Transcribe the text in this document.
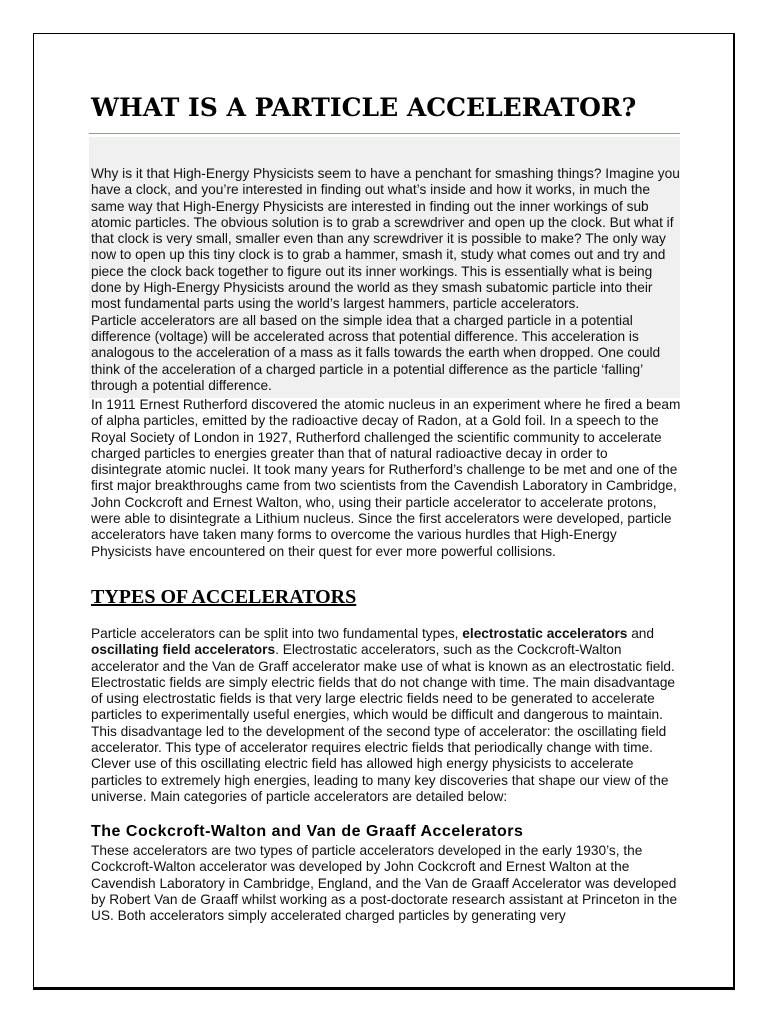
WHAT IS A PARTICLE ACCELERATOR?

Why is it that High-Energy Physicists seem to have a penchant for smashing things? Imagine you have a clock, and you’re interested in finding out what’s inside and how it works, in much the same way that High-Energy Physicists are interested in finding out the inner workings of sub atomic particles. The obvious solution is to grab a screwdriver and open up the clock. But what if that clock is very small, smaller even than any screwdriver it is possible to make? The only way now to open up this tiny clock is to grab a hammer, smash it, study what comes out and try and piece the clock back together to figure out its inner workings. This is essentially what is being done by High-Energy Physicists around the world as they smash subatomic particle into their most fundamental parts using the world’s largest hammers, particle accelerators.

Particle accelerators are all based on the simple idea that a charged particle in a potential difference (voltage) will be accelerated across that potential difference. This acceleration is analogous to the acceleration of a mass as it falls towards the earth when dropped. One could think of the acceleration of a charged particle in a potential difference as the particle ‘falling’ through a potential difference.

In 1911 Ernest Rutherford discovered the atomic nucleus in an experiment where he fired a beam of alpha particles, emitted by the radioactive decay of Radon, at a Gold foil. In a speech to the Royal Society of London in 1927, Rutherford challenged the scientific community to accelerate charged particles to energies greater than that of natural radioactive decay in order to disintegrate atomic nuclei. It took many years for Rutherford’s challenge to be met and one of the first major breakthroughs came from two scientists from the Cavendish Laboratory in Cambridge, John Cockcroft and Ernest Walton, who, using their particle accelerator to accelerate protons, were able to disintegrate a Lithium nucleus. Since the first accelerators were developed, particle accelerators have taken many forms to overcome the various hurdles that High-Energy Physicists have encountered on their quest for ever more powerful collisions.

TYPES OF ACCELERATORS

Particle accelerators can be split into two fundamental types, electrostatic accelerators and oscillating field accelerators. Electrostatic accelerators, such as the Cockcroft-Walton accelerator and the Van de Graff accelerator make use of what is known as an electrostatic field. Electrostatic fields are simply electric fields that do not change with time. The main disadvantage of using electrostatic fields is that very large electric fields need to be generated to accelerate particles to experimentally useful energies, which would be difficult and dangerous to maintain. This disadvantage led to the development of the second type of accelerator: the oscillating field accelerator. This type of accelerator requires electric fields that periodically change with time. Clever use of this oscillating electric field has allowed high energy physicists to accelerate particles to extremely high energies, leading to many key discoveries that shape our view of the universe. Main categories of particle accelerators are detailed below:

The Cockcroft-Walton and Van de Graaff Accelerators

These accelerators are two types of particle accelerators developed in the early 1930’s, the Cockcroft-Walton accelerator was developed by John Cockcroft and Ernest Walton at the Cavendish Laboratory in Cambridge, England, and the Van de Graaff Accelerator was developed by Robert Van de Graaff whilst working as a post-doctorate research assistant at Princeton in the US. Both accelerators simply accelerated charged particles by generating very
